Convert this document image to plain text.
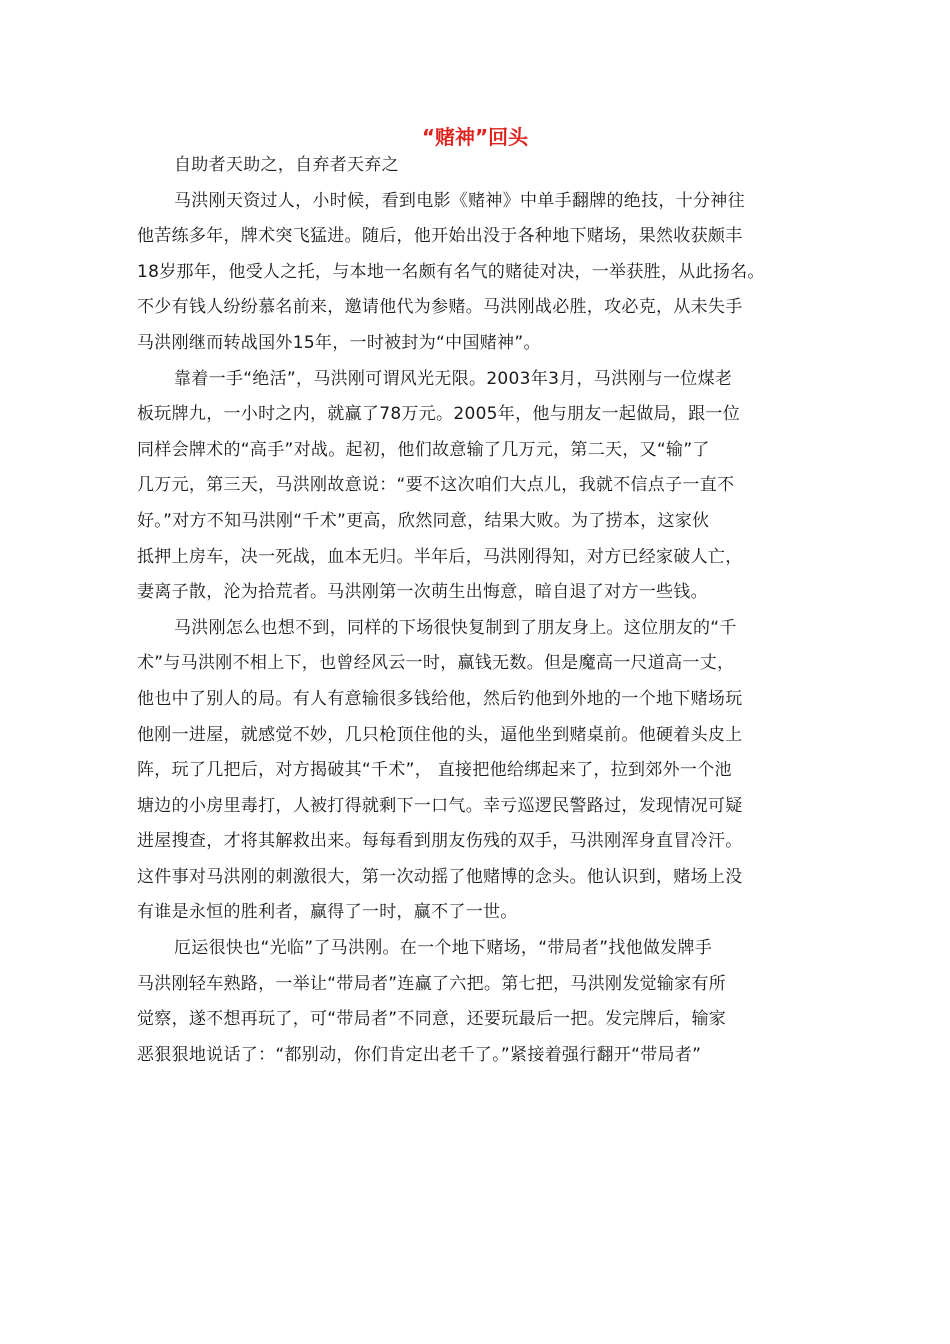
“赌神”回头
自助者天助之，自弃者天弃之
马洪刚天资过人，小时候，看到电影《赌神》中单手翻牌的绝技，十分神往
他苦练多年，牌术突飞猛进。随后，他开始出没于各种地下赌场，果然收获颇丰
18岁那年，他受人之托，与本地一名颇有名气的赌徒对决，一举获胜，从此扬名。
不少有钱人纷纷慕名前来，邀请他代为参赌。马洪刚战必胜，攻必克，从未失手
马洪刚继而转战国外15年，一时被封为“中国赌神”。
靠着一手“绝活”，马洪刚可谓风光无限。2003年3月，马洪刚与一位煤老
板玩牌九，一小时之内，就赢了78万元。2005年，他与朋友一起做局，跟一位
同样会牌术的“高手”对战。起初，他们故意输了几万元，第二天，又“输”了
几万元，第三天，马洪刚故意说：“要不这次咱们大点儿，我就不信点子一直不
好。”对方不知马洪刚“千术”更高，欣然同意，结果大败。为了捞本，这家伙
抵押上房车，决一死战，血本无归。半年后，马洪刚得知，对方已经家破人亡，
妻离子散，沦为拾荒者。马洪刚第一次萌生出悔意，暗自退了对方一些钱。
马洪刚怎么也想不到，同样的下场很快复制到了朋友身上。这位朋友的“千
术”与马洪刚不相上下，也曾经风云一时，赢钱无数。但是魔高一尺道高一丈，
他也中了别人的局。有人有意输很多钱给他，然后钓他到外地的一个地下赌场玩
他刚一进屋，就感觉不妙，几只枪顶住他的头，逼他坐到赌桌前。他硬着头皮上
阵，玩了几把后，对方揭破其“千术”， 直接把他给绑起来了，拉到郊外一个池
塘边的小房里毒打，人被打得就剩下一口气。幸亏巡逻民警路过，发现情况可疑
进屋搜查，才将其解救出来。每每看到朋友伤残的双手，马洪刚浑身直冒冷汗。
这件事对马洪刚的刺激很大，第一次动摇了他赌博的念头。他认识到，赌场上没
有谁是永恒的胜利者，赢得了一时，赢不了一世。
厄运很快也“光临”了马洪刚。在一个地下赌场，“带局者”找他做发牌手
马洪刚轻车熟路，一举让“带局者”连赢了六把。第七把，马洪刚发觉输家有所
觉察，遂不想再玩了，可“带局者”不同意，还要玩最后一把。发完牌后，输家
恶狠狠地说话了：“都别动，你们肯定出老千了。”紧接着强行翻开“带局者”
